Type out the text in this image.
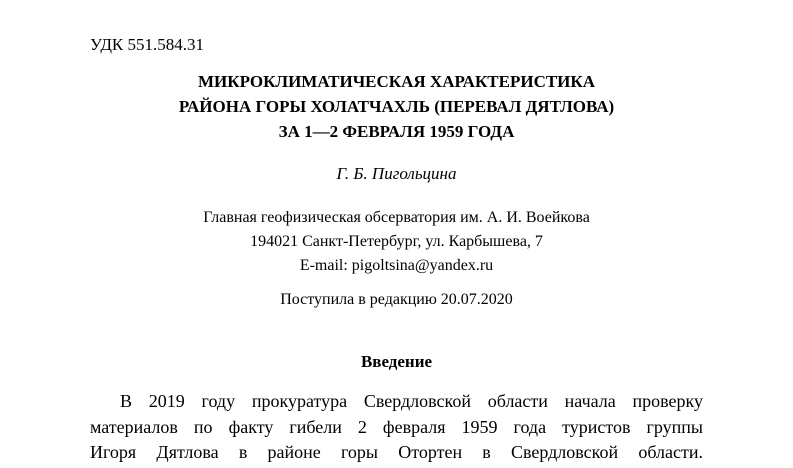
УДК 551.584.31
МИКРОКЛИМАТИЧЕСКАЯ ХАРАКТЕРИСТИКА
РАЙОНА ГОРЫ ХОЛАТЧАХЛЬ (ПЕРЕВАЛ ДЯТЛОВА)
ЗА 1—2 ФЕВРАЛЯ 1959 ГОДА
Г. Б. Пигольцина
Главная геофизическая обсерватория им. А. И. Воейкова
194021 Санкт-Петербург, ул. Карбышева, 7
E-mail: pigoltsina@yandex.ru
Поступила в редакцию 20.07.2020
Введение
В 2019 году прокуратура Свердловской области начала проверку
материалов по факту гибели 2 февраля 1959 года туристов группы
Игоря Дятлова в районе горы Отортен в Свердловской области.
